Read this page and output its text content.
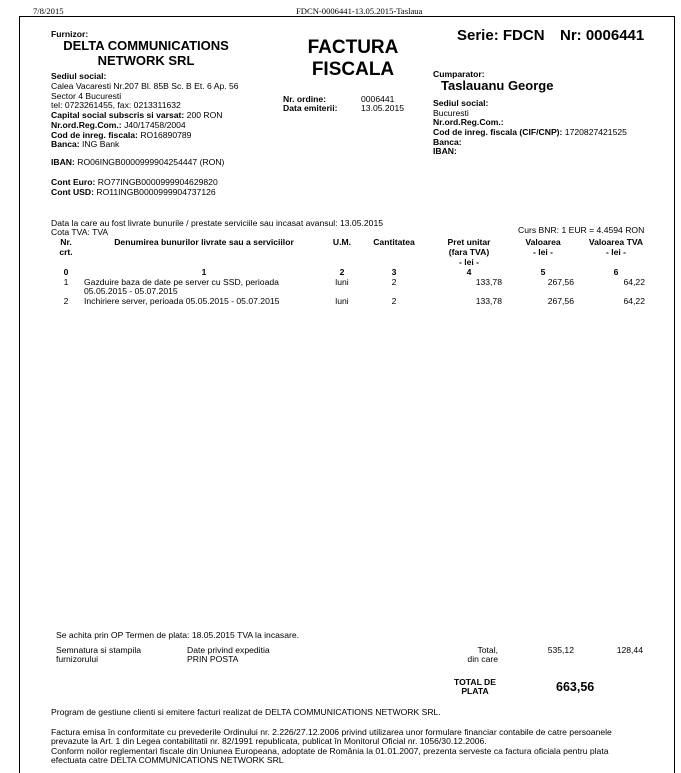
7/8/2015	FDCN-0006441-13.05.2015-Taslaua
Furnizor:
DELTA COMMUNICATIONS
NETWORK SRL
Sediul social:
Calea Vacaresti Nr.207 Bl. 85B Sc. B Et. 6 Ap. 56
Sector 4 Bucuresti
tel: 0723261455, fax: 0213311632
Capital social subscris si varsat: 200 RON
Nr.ord.Reg.Com.: J40/17458/2004
Cod de inreg. fiscala: RO16890789
Banca: ING Bank
IBAN: RO06INGB0000999904254447 (RON)
Cont Euro: RO77INGB0000999904629820
Cont USD: RO11INGB0000999904737126
FACTURA
FISCALA
Nr. ordine:	0006441
Data emiterii:	13.05.2015
Serie: FDCN Nr: 0006441
Cumparator:
Taslauanu George
Sediul social:
Bucuresti
Nr.ord.Reg.Com.:
Cod de inreg. fiscala (CIF/CNP): 1720827421525
Banca:
IBAN:
Data la care au fost livrate bunurile / prestate serviciile sau incasat avansul: 13.05.2015
Cota TVA: TVA	Curs BNR: 1 EUR = 4.4594 RON
Nr.
crt.
Denumirea bunurilor livrate sau a serviciilor	U.M.	Cantitatea	Pret unitar
(fara TVA)
- lei -
Valoarea
- lei -
Valoarea TVA
- lei -
0	1	2	3	4	5	6
1	Gazduire baza de date pe server cu SSD, perioada
05.05.2015 - 05.07.2015
luni	2	133,78	267,56	64,22
2	Inchiriere server, perioada 05.05.2015 - 05.07.2015	luni	2	133,78	267,56	64,22
Se achita prin OP Termen de plata: 18.05.2015 TVA la incasare.
Semnatura si stampila
furnizorului
Date privind expeditia
PRIN POSTA
Total,
din care
535,12	128,44
TOTAL DE
PLATA	663,56
Program de gestiune clienti si emitere facturi realizat de DELTA COMMUNICATIONS NETWORK SRL.
Factura emisa în conformitate cu prevederile Ordinului nr. 2.226/27.12.2006 privind utilizarea unor formulare financiar contabile de catre persoanele
prevazute la Art. 1 din Legea contabilitatii nr. 82/1991 republicata, publicat în Monitorul Oficial nr. 1056/30.12.2006.
Conform noilor reglementari fiscale din Uniunea Europeana, adoptate de România la 01.01.2007, prezenta serveste ca factura oficiala pentru plata
efectuata catre DELTA COMMUNICATIONS NETWORK SRL
